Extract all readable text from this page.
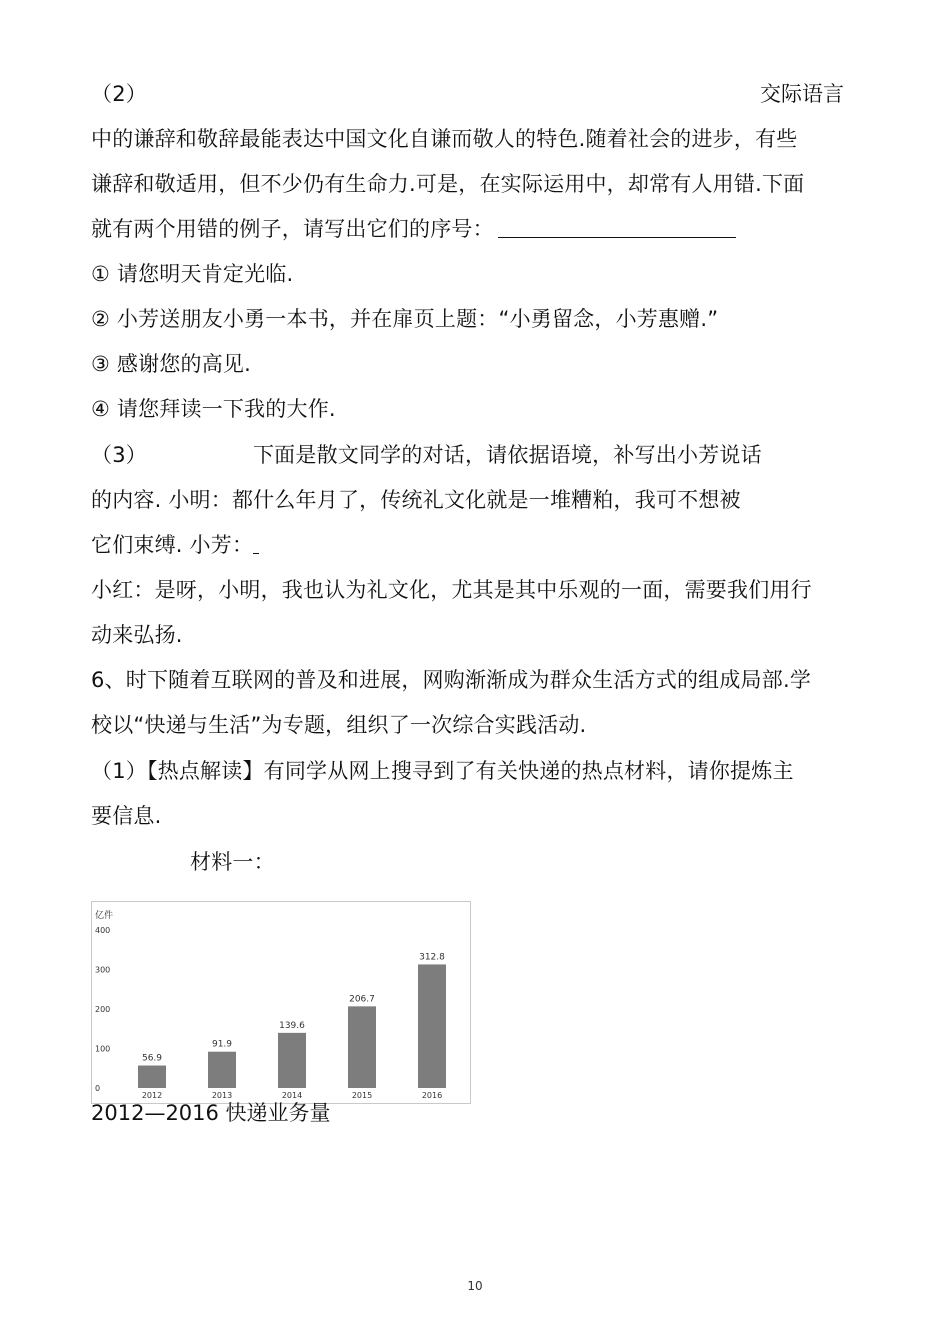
（2）	交际语言
中的谦辞和敬辞最能表达中国文化自谦而敬人的特色.随着社会的进步，有些
谦辞和敬适用，但不少仍有生命力.可是，在实际运用中，却常有人用错.下面
就有两个用错的例子，请写出它们的序号：
① 请您明天肯定光临.
② 小芳送朋友小勇一本书，并在扉页上题：“小勇留念，小芳惠赠.”
③ 感谢您的高见.
④ 请您拜读一下我的大作.
（3）	下面是散文同学的对话，请依据语境，补写出小芳说话
的内容. 小明：都什么年月了，传统礼文化就是一堆糟粕，我可不想被
它们束缚. 小芳：
小红：是呀，小明，我也认为礼文化，尤其是其中乐观的一面，需要我们用行
动来弘扬.
6、时下随着互联网的普及和进展，网购渐渐成为群众生活方式的组成局部.学
校以“快递与生活”为专题，组织了一次综合实践活动.
（1）【热点解读】有同学从网上搜寻到了有关快递的热点材料，请你提炼主
要信息.
材料一：
亿件
0
100
200
300
400
56.9
2012
91.9
2013
139.6
2014
206.7
2015
312.8
2016
2012—2016 快递业务量
10
